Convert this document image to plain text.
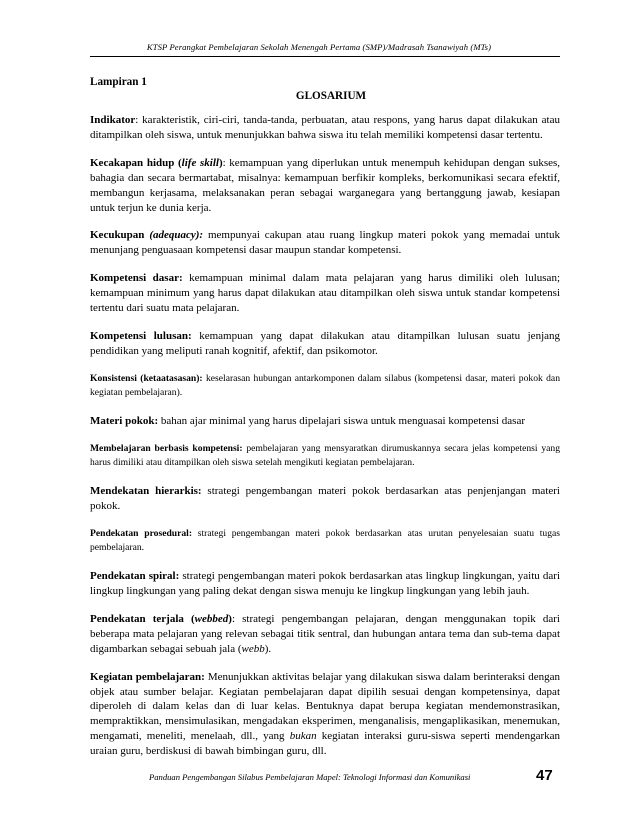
KTSP Perangkat Pembelajaran Sekolah Menengah Pertama (SMP)/Madrasah Tsanawiyah (MTs)
Lampiran 1
GLOSARIUM

Indikator: karakteristik, ciri-ciri, tanda-tanda, perbuatan, atau respons, yang harus dapat dilakukan atau ditampilkan oleh siswa, untuk menunjukkan bahwa siswa itu telah memiliki kompetensi dasar tertentu.

Kecakapan hidup (life skill): kemampuan yang diperlukan untuk menempuh kehidupan dengan sukses, bahagia dan secara bermartabat, misalnya: kemampuan berfikir kompleks, berkomunikasi secara efektif, membangun kerjasama, melaksanakan peran sebagai warganegara yang bertanggung jawab, kesiapan untuk terjun ke dunia kerja.

Kecukupan (adequacy): mempunyai cakupan atau ruang lingkup materi pokok yang memadai untuk menunjang penguasaan kompetensi dasar maupun standar kompetensi.

Kompetensi dasar: kemampuan minimal dalam mata pelajaran yang harus dimiliki oleh lulusan; kemampuan minimum yang harus dapat dilakukan atau ditampilkan oleh siswa untuk standar kompetensi tertentu dari suatu mata pelajaran.

Kompetensi lulusan: kemampuan yang dapat dilakukan atau ditampilkan lulusan suatu jenjang pendidikan yang meliputi ranah kognitif, afektif, dan psikomotor.

Konsistensi (ketaatasasan): keselarasan hubungan antarkomponen dalam silabus (kompetensi dasar, materi pokok dan kegiatan pembelajaran).

Materi pokok: bahan ajar minimal yang harus dipelajari siswa untuk menguasai kompetensi dasar

Membelajaran berbasis kompetensi: pembelajaran yang mensyaratkan dirumuskannya secara jelas kompetensi yang harus dimiliki atau ditampilkan oleh siswa setelah mengikuti kegiatan pembelajaran.

Mendekatan hierarkis: strategi pengembangan materi pokok berdasarkan atas penjenjangan materi pokok.

Pendekatan prosedural: strategi pengembangan materi pokok berdasarkan atas urutan penyelesaian suatu tugas pembelajaran.

Pendekatan spiral: strategi pengembangan materi pokok berdasarkan atas lingkup lingkungan, yaitu dari lingkup lingkungan yang paling dekat dengan siswa menuju ke lingkup lingkungan yang lebih jauh.

Pendekatan terjala (webbed): strategi pengembangan pelajaran, dengan menggunakan topik dari beberapa mata pelajaran yang relevan sebagai titik sentral, dan hubungan antara tema dan sub-tema dapat digambarkan sebagai sebuah jala (webb).

Kegiatan pembelajaran: Menunjukkan aktivitas belajar yang dilakukan siswa dalam berinteraksi dengan objek atau sumber belajar. Kegiatan pembelajaran dapat dipilih sesuai dengan kompetensinya, dapat diperoleh di dalam kelas dan di luar kelas. Bentuknya dapat berupa kegiatan mendemonstrasikan, mempraktikkan, mensimulasikan, mengadakan eksperimen, menganalisis, mengaplikasikan, menemukan, mengamati, meneliti, menelaah, dll., yang bukan kegiatan interaksi guru-siswa seperti mendengarkan uraian guru, berdiskusi di bawah bimbingan guru, dll.

Panduan Pengembangan Silabus Pembelajaran Mapel: Teknologi Informasi dan Komunikasi	47
